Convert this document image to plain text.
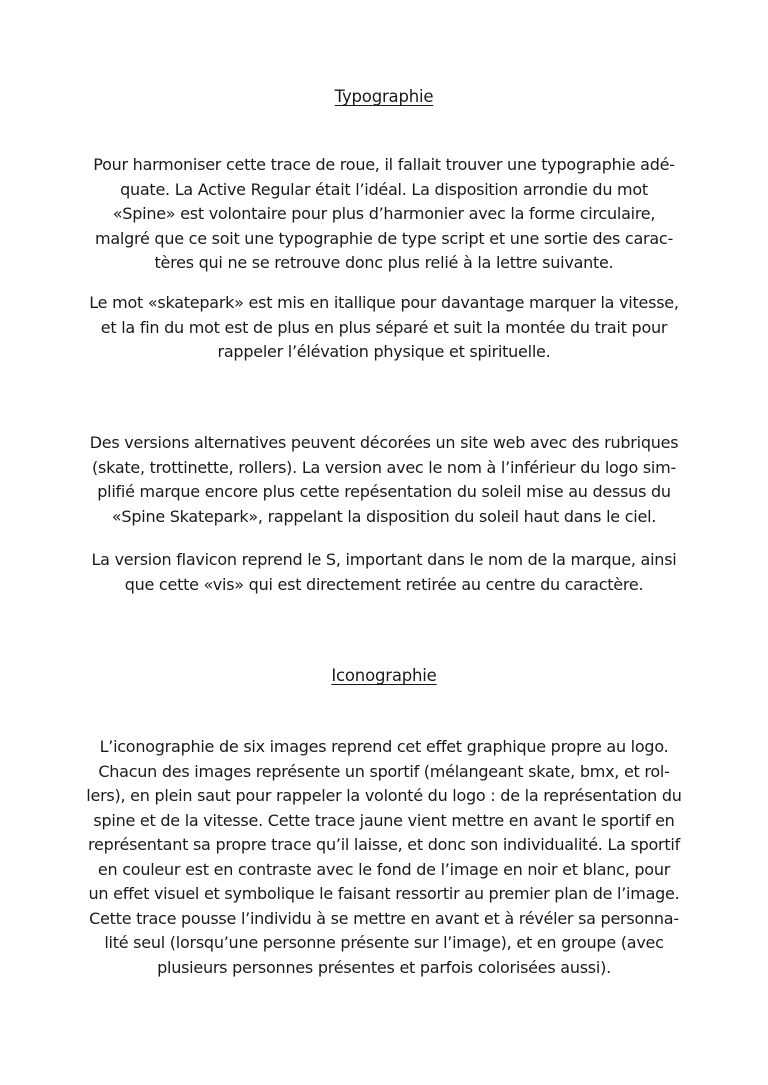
Typographie

Pour harmoniser cette trace de roue, il fallait trouver une typographie adé-
quate. La Active Regular était l’idéal. La disposition arrondie du mot
«Spine» est volontaire pour plus d’harmonier avec la forme circulaire,
malgré que ce soit une typographie de type script et une sortie des carac-
tères qui ne se retrouve donc plus relié à la lettre suivante.

Le mot «skatepark» est mis en itallique pour davantage marquer la vitesse,
et la fin du mot est de plus en plus séparé et suit la montée du trait pour
rappeler l’élévation physique et spirituelle.

Des versions alternatives peuvent décorées un site web avec des rubriques
(skate, trottinette, rollers). La version avec le nom à l’inférieur du logo sim-
plifié marque encore plus cette repésentation du soleil mise au dessus du
«Spine Skatepark», rappelant la disposition du soleil haut dans le ciel.

La version flavicon reprend le S, important dans le nom de la marque, ainsi
que cette «vis» qui est directement retirée au centre du caractère.

Iconographie

L’iconographie de six images reprend cet effet graphique propre au logo.
Chacun des images représente un sportif (mélangeant skate, bmx, et rol-
lers), en plein saut pour rappeler la volonté du logo : de la représentation du
spine et de la vitesse. Cette trace jaune vient mettre en avant le sportif en
représentant sa propre trace qu’il laisse, et donc son individualité. La sportif
en couleur est en contraste avec le fond de l’image en noir et blanc, pour
un effet visuel et symbolique le faisant ressortir au premier plan de l’image.
Cette trace pousse l’individu à se mettre en avant et à révéler sa personna-
lité seul (lorsqu’une personne présente sur l’image), et en groupe (avec
plusieurs personnes présentes et parfois colorisées aussi).
